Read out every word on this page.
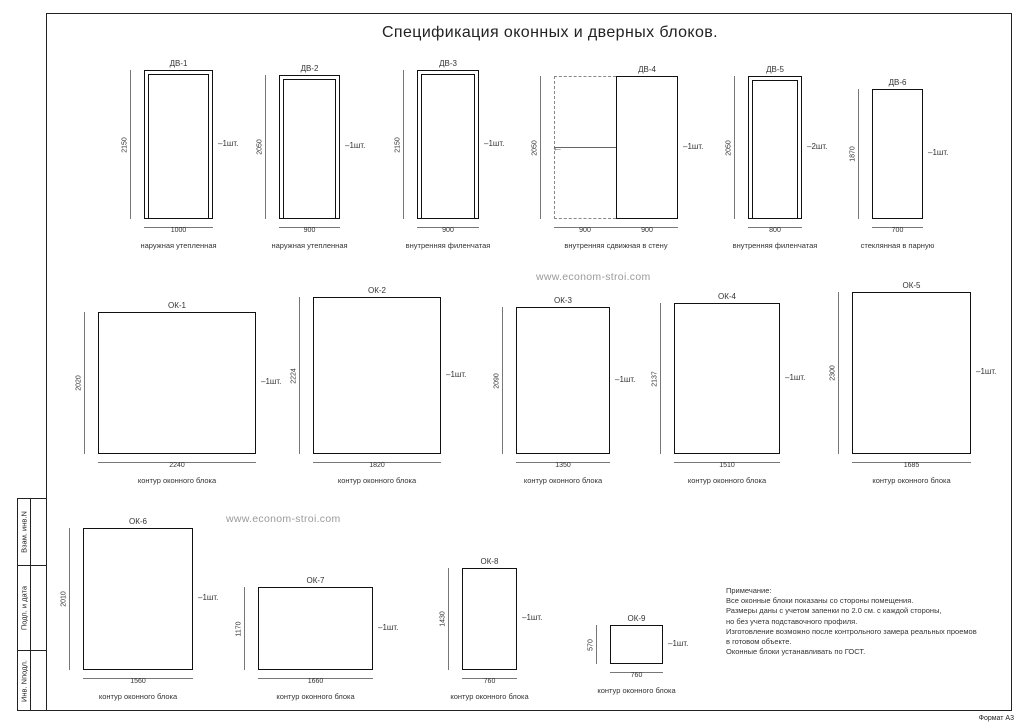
Взам. инв.N
Подп. и дата
Инв. Nподл.
Спецификация оконных и дверных блоков.
www.econom-stroi.com
www.econom-stroi.com
ДВ-1
–1шт.
2150
1000
наружная утепленная
ДВ-2
–1шт.
2050
900
наружная утепленная
ДВ-3
–1шт.
2150
900
внутренняя филенчатая
ДВ-4
–1шт.
2050
900	900
←
внутренняя сдвижная в стену
ДВ-5
–2шт.
2050
800
внутренняя филенчатая
ДВ-6
–1шт.
1870
700
стеклянная в парную
ОК-1
–1шт.
2020
2240
контур оконного блока
ОК-2
–1шт.
2224
1820
контур оконного блока
ОК-3
–1шт.
2090
1350
контур оконного блока
ОК-4
–1шт.
2137
1510
контур оконного блока
ОК-5
–1шт.
2300
1685
контур оконного блока
ОК-6
–1шт.
2010
1560
контур оконного блока
ОК-7
–1шт.
1170
1660
контур оконного блока
ОК-8
–1шт.
1430
760
контур оконного блока
ОК-9
–1шт.
570
760
контур оконного блока
Примечание:
Все оконные блоки показаны со стороны помещения.
Размеры даны с учетом запенки по 2.0 см. с каждой стороны,
но без учета подставочного профиля.
Изготовление возможно после контрольного замера реальных проемов
в готовом объекте.
Оконные блоки устанавливать по ГОСТ.
Формат А3
